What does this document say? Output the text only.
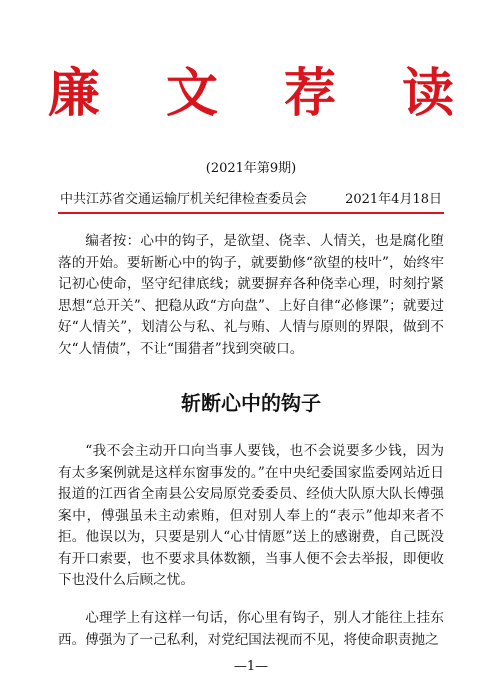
廉 文 荐 读
(2021年第9期)
中共江苏省交通运输厅机关纪律检查委员会	2021年4月18日

编者按：心中的钩子，是欲望、侥幸、人情关，也是腐化堕落的开始。要斩断心中的钩子，就要勤修“欲望的枝叶”，始终牢记初心使命，坚守纪律底线；就要摒弃各种侥幸心理，时刻拧紧思想“总开关”、把稳从政“方向盘”、上好自律“必修课”；就要过好“人情关”，划清公与私、礼与贿、人情与原则的界限，做到不欠“人情债”，不让“围猎者”找到突破口。

斩断心中的钩子

“我不会主动开口向当事人要钱，也不会说要多少钱，因为有太多案例就是这样东窗事发的。”在中央纪委国家监委网站近日报道的江西省全南县公安局原党委委员、经侦大队原大队长傅强案中，傅强虽未主动索贿，但对别人奉上的“表示”他却来者不拒。他误以为，只要是别人“心甘情愿”送上的感谢费，自己既没有开口索要，也不要求具体数额，当事人便不会去举报，即便收下也没什么后顾之忧。

心理学上有这样一句话，你心里有钩子，别人才能往上挂东西。傅强为了一己私利，对党纪国法视而不见，将使命职责抛之

—1—
